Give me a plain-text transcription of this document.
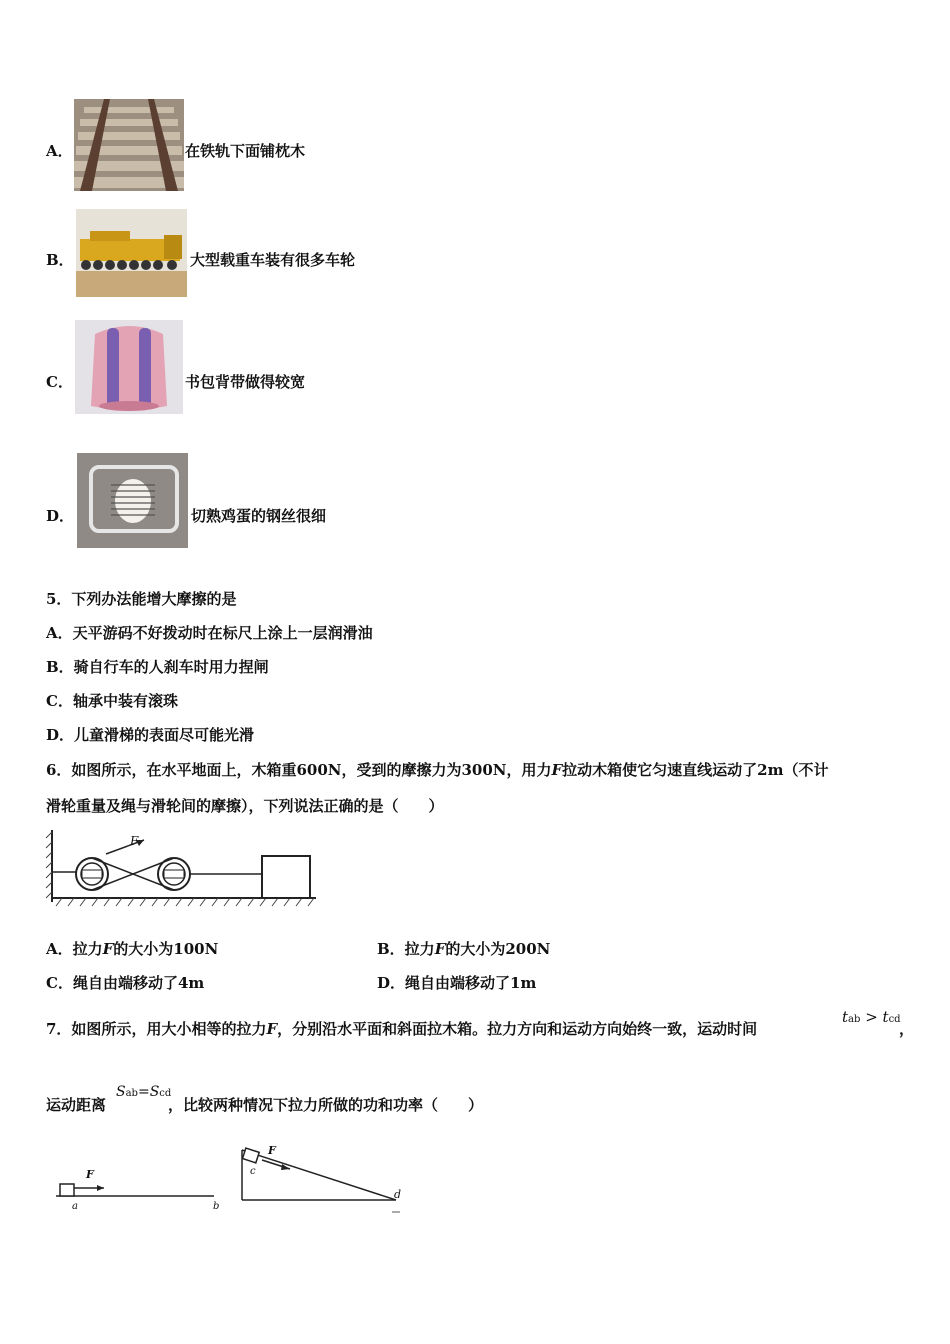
A．	在铁轨下面铺枕木
B．	大型载重车装有很多车轮
C．	书包背带做得较宽
D．	切熟鸡蛋的钢丝很细
5．下列办法能增大摩擦的是
A．天平游码不好拨动时在标尺上涂上一层润滑油
B．骑自行车的人刹车时用力捏闸
C．轴承中装有滚珠
D．儿童滑梯的表面尽可能光滑
6．如图所示，在水平地面上，木箱重600N，受到的摩擦力为300N，用力F拉动木箱使它匀速直线运动了2m（不计
滑轮重量及绳与滑轮间的摩擦），下列说法正确的是（　　）
F
A．拉力F的大小为100N	B．拉力F的大小为200N
C．绳自由端移动了4m	D．绳自由端移动了1m
7．如图所示，用大小相等的拉力F，分别沿水平面和斜面拉木箱。拉力方向和运动方向始终一致，运动时间
tab > tcd
，
运动距离
Sab=Scd
，比较两种情况下拉力所做的功和功率（　　）
F
a	b
F
c
d
